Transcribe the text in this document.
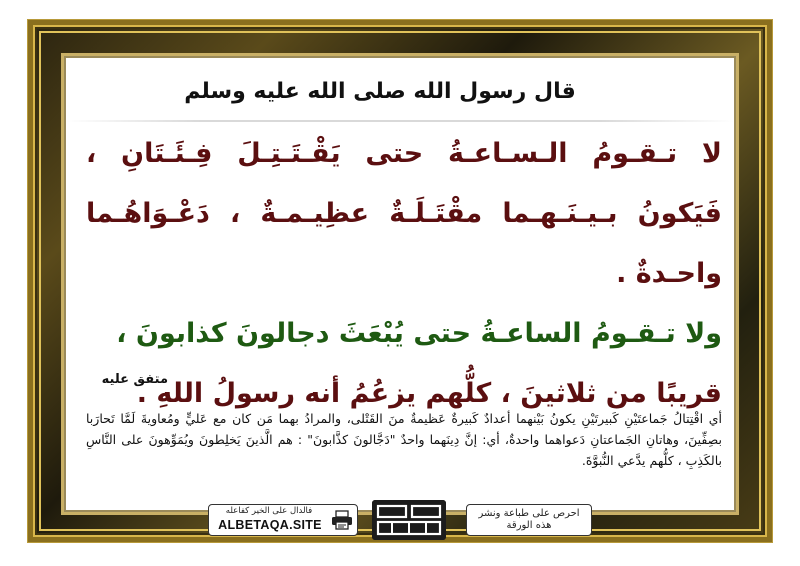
قال رسول الله صلى الله عليه وسلم

لا تـقـومُ الـسـاعـةُ حتى يَقْـتَـتِـلَ فِـئَـتَانِ ، فَيَكونُ بـيـنَـهـما مقْتَـلَـةٌ عظِيـمـةٌ ، دَعْـوَاهُـما واحـدةٌ .

ولا تـقـومُ الساعـةُ حتى يُبْعَثَ دجالونَ كذابونَ ،

قريبًا من ثلاثينَ ، كلُّهم يزعُمُ أنه رسولُ اللهِ .

متفق عليه
أي اقْتِتالُ جَماعتَيْنِ كَبيرتَيْنِ يكونُ بَيْنهما أعدادٌ كَبيرةٌ عَظيمةٌ منَ القَتْلى، والمرادُ بهما مَن كان مع عَليٍّ ومُعاويةَ لَمَّا تَحارَبا بصِفِّينَ، وهاتانِ الجَماعتانِ دَعواهما واحدةٌ، أي: إنَّ دِينَهما واحدٌ "دَجَّالونَ كذَّابونَ" : هم الَّذينَ يَخلِطونَ ويُمَوِّهونَ على النَّاسِ بالكَذِبِ ، كلُّهم يدَّعي النُّبوَّةَ.
فالدال على الخير كفاعله
ALBETAQA.SITE
احرص على طباعة ونشر هذه الورقة
